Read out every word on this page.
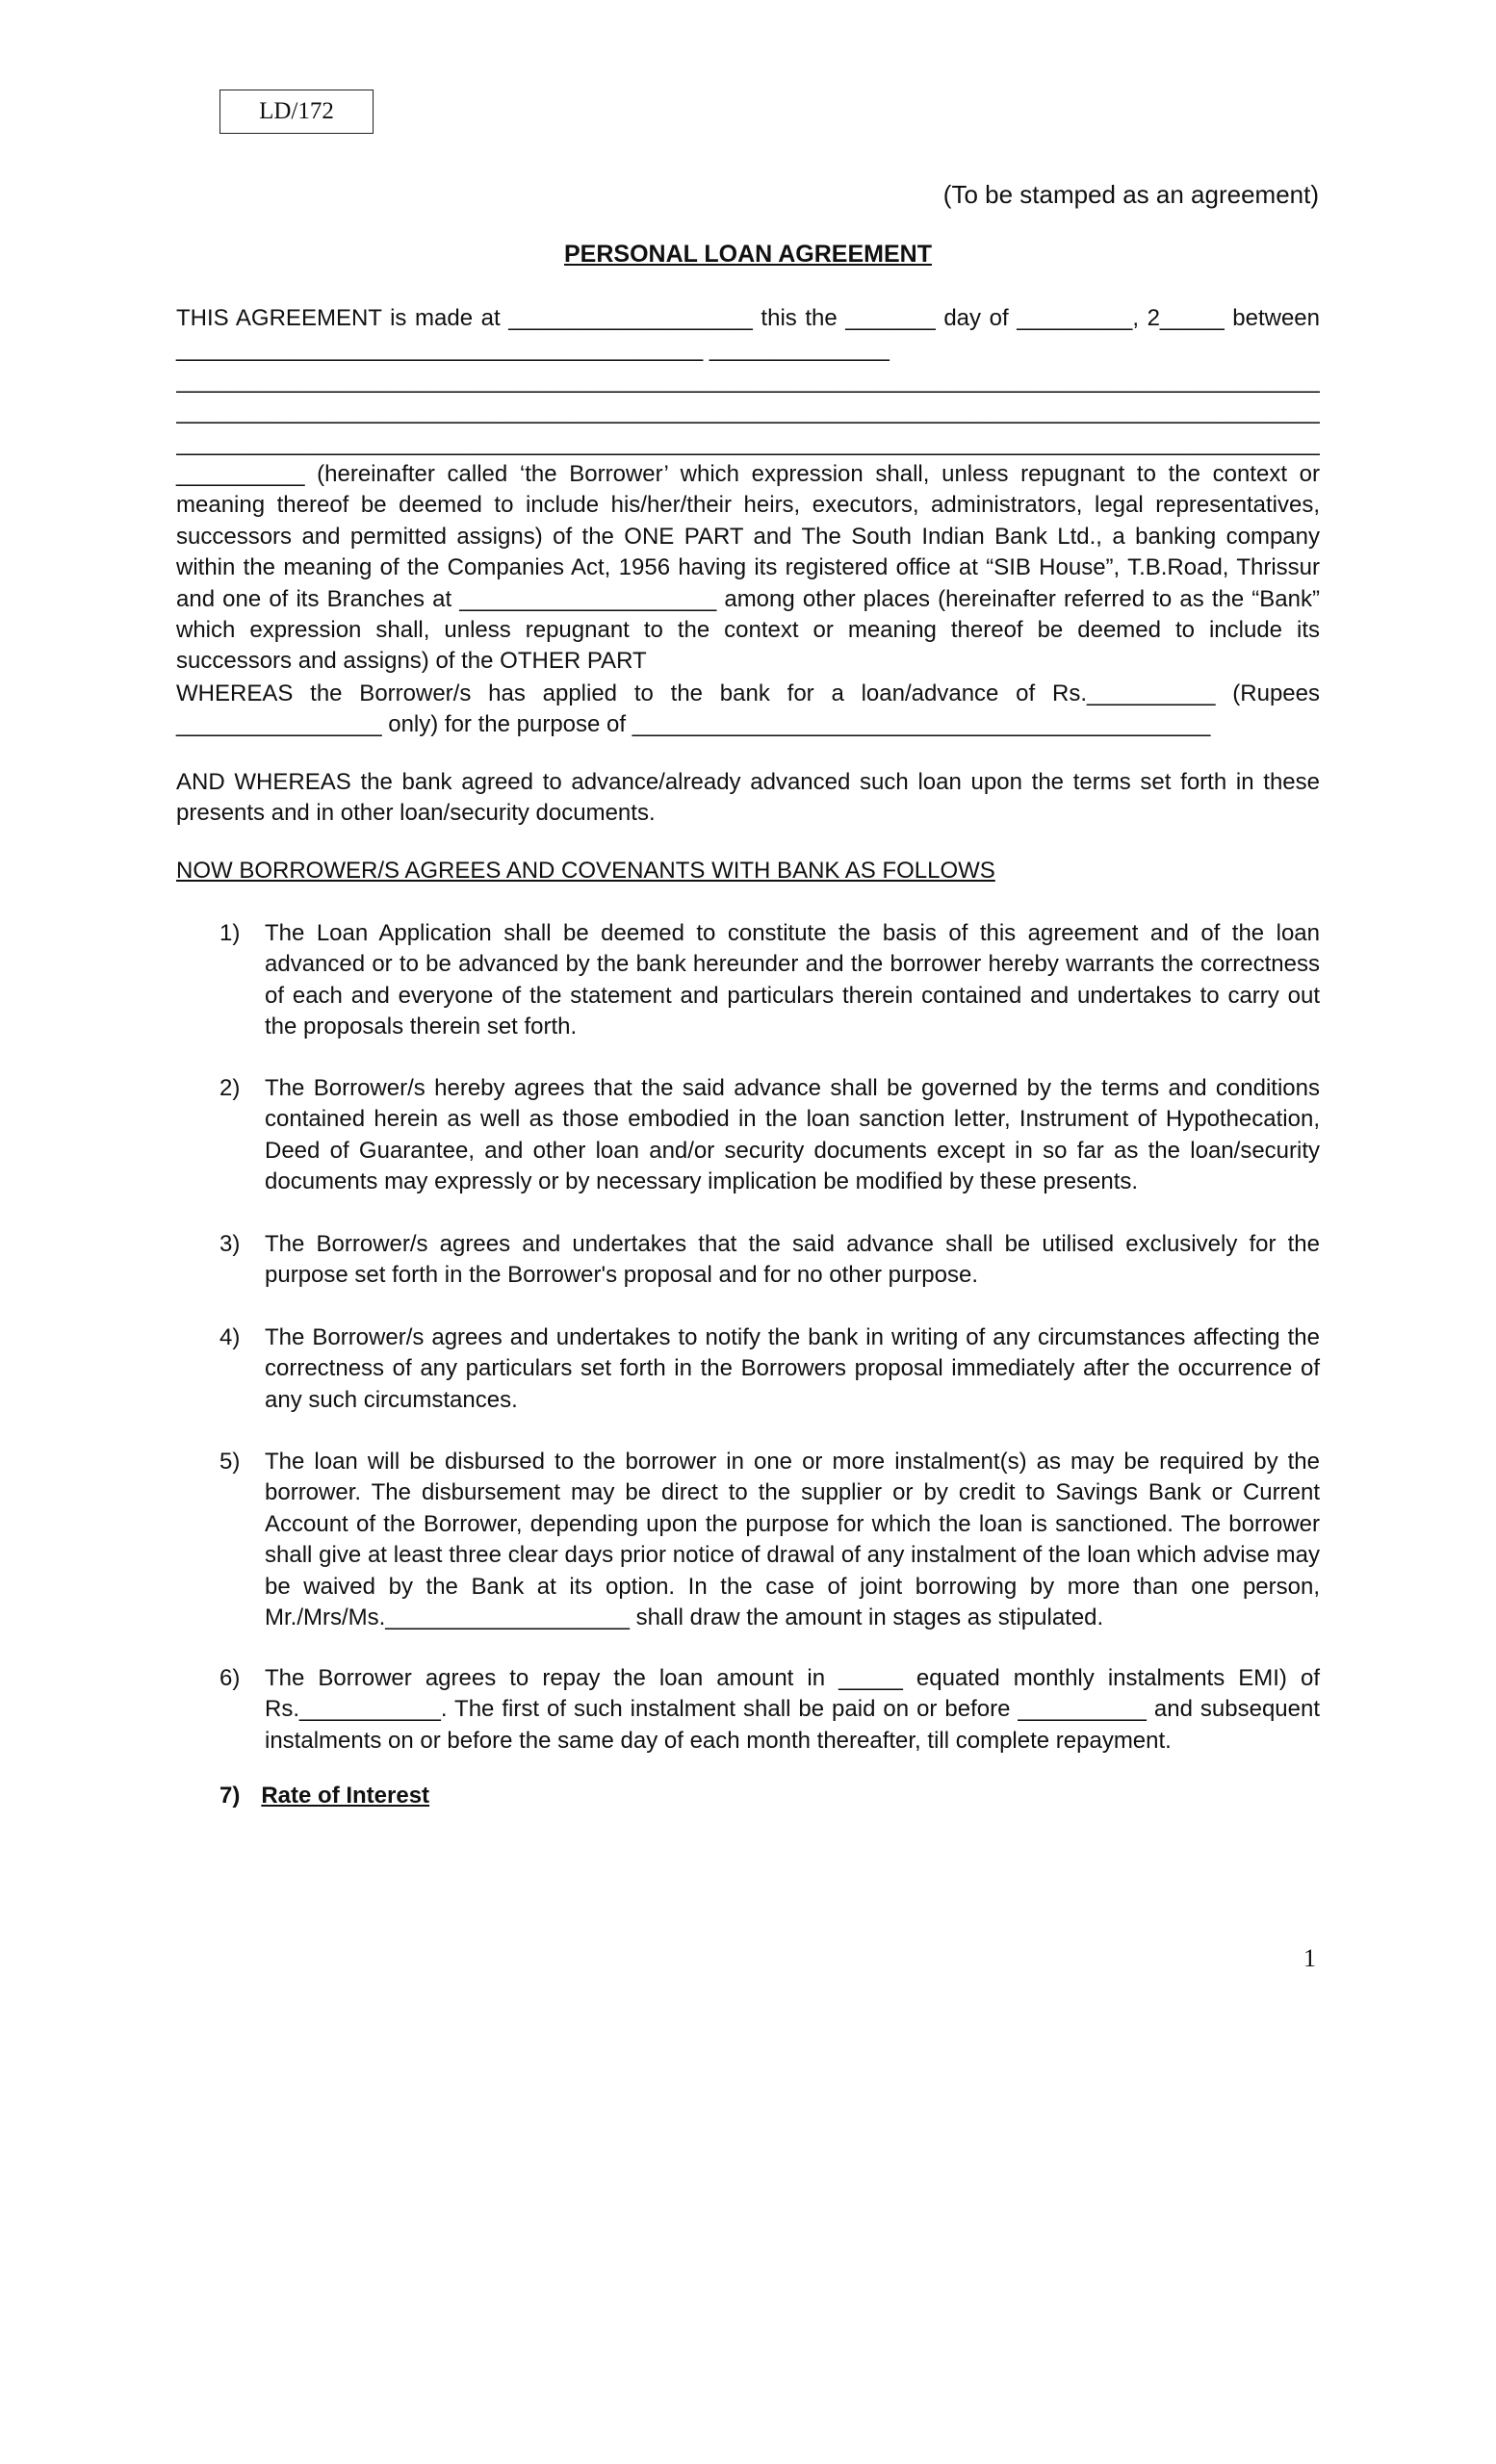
LD/172
(To be stamped as an agreement)
PERSONAL LOAN AGREEMENT
THIS AGREEMENT is made at ___________________ this the _______ day of _________, 2_____ between
_________________________________________ ______________
_________________________________________________________________________________________
_________________________________________________________________________________________
_________________________________________________________________________________________
__________ (hereinafter called ‘the Borrower’ which expression shall, unless repugnant to the context or meaning thereof be deemed to include his/her/their heirs, executors, administrators, legal representatives, successors and permitted assigns) of the ONE PART and The South Indian Bank Ltd., a banking company within the meaning of the Companies Act, 1956 having its registered office at “SIB House”, T.B.Road, Thrissur and one of its Branches at ____________________ among other places (hereinafter referred to as the “Bank” which expression shall, unless repugnant to the context or meaning thereof be deemed to include its successors and assigns) of the OTHER PART
WHEREAS the Borrower/s has applied to the bank for a loan/advance of Rs.__________ (Rupees
________________ only) for the purpose of _____________________________________________
AND WHEREAS the bank agreed to advance/already advanced such loan upon the terms set forth in these presents and in other loan/security documents.
NOW BORROWER/S AGREES AND COVENANTS WITH BANK AS FOLLOWS
1)	The Loan Application shall be deemed to constitute the basis of this agreement and of the loan advanced or to be advanced by the bank hereunder and the borrower hereby warrants the correctness of each and everyone of the statement and particulars therein contained and undertakes to carry out the proposals therein set forth.
2)	The Borrower/s hereby agrees that the said advance shall be governed by the terms and conditions contained herein as well as those embodied in the loan sanction letter, Instrument of Hypothecation, Deed of Guarantee, and other loan and/or security documents except in so far as the loan/security documents may expressly or by necessary implication be modified by these presents.
3)	The Borrower/s agrees and undertakes that the said advance shall be utilised exclusively for the purpose set forth in the Borrower's proposal and for no other purpose.
4)	The Borrower/s agrees and undertakes to notify the bank in writing of any circumstances affecting the correctness of any particulars set forth in the Borrowers proposal immediately after the occurrence of any such circumstances.
5)	The loan will be disbursed to the borrower in one or more instalment(s) as may be required by the borrower. The disbursement may be direct to the supplier or by credit to Savings Bank or Current Account of the Borrower, depending upon the purpose for which the loan is sanctioned. The borrower shall give at least three clear days prior notice of drawal of any instalment of the loan which advise may be waived by the Bank at its option. In the case of joint borrowing by more than one person, Mr./Mrs/Ms.___________________ shall draw the amount in stages as stipulated.
6)	The Borrower agrees to repay the loan amount in _____ equated monthly instalments EMI) of Rs.___________. The first of such instalment shall be paid on or before __________ and subsequent instalments on or before the same day of each month thereafter, till complete repayment.
7) Rate of Interest
1
